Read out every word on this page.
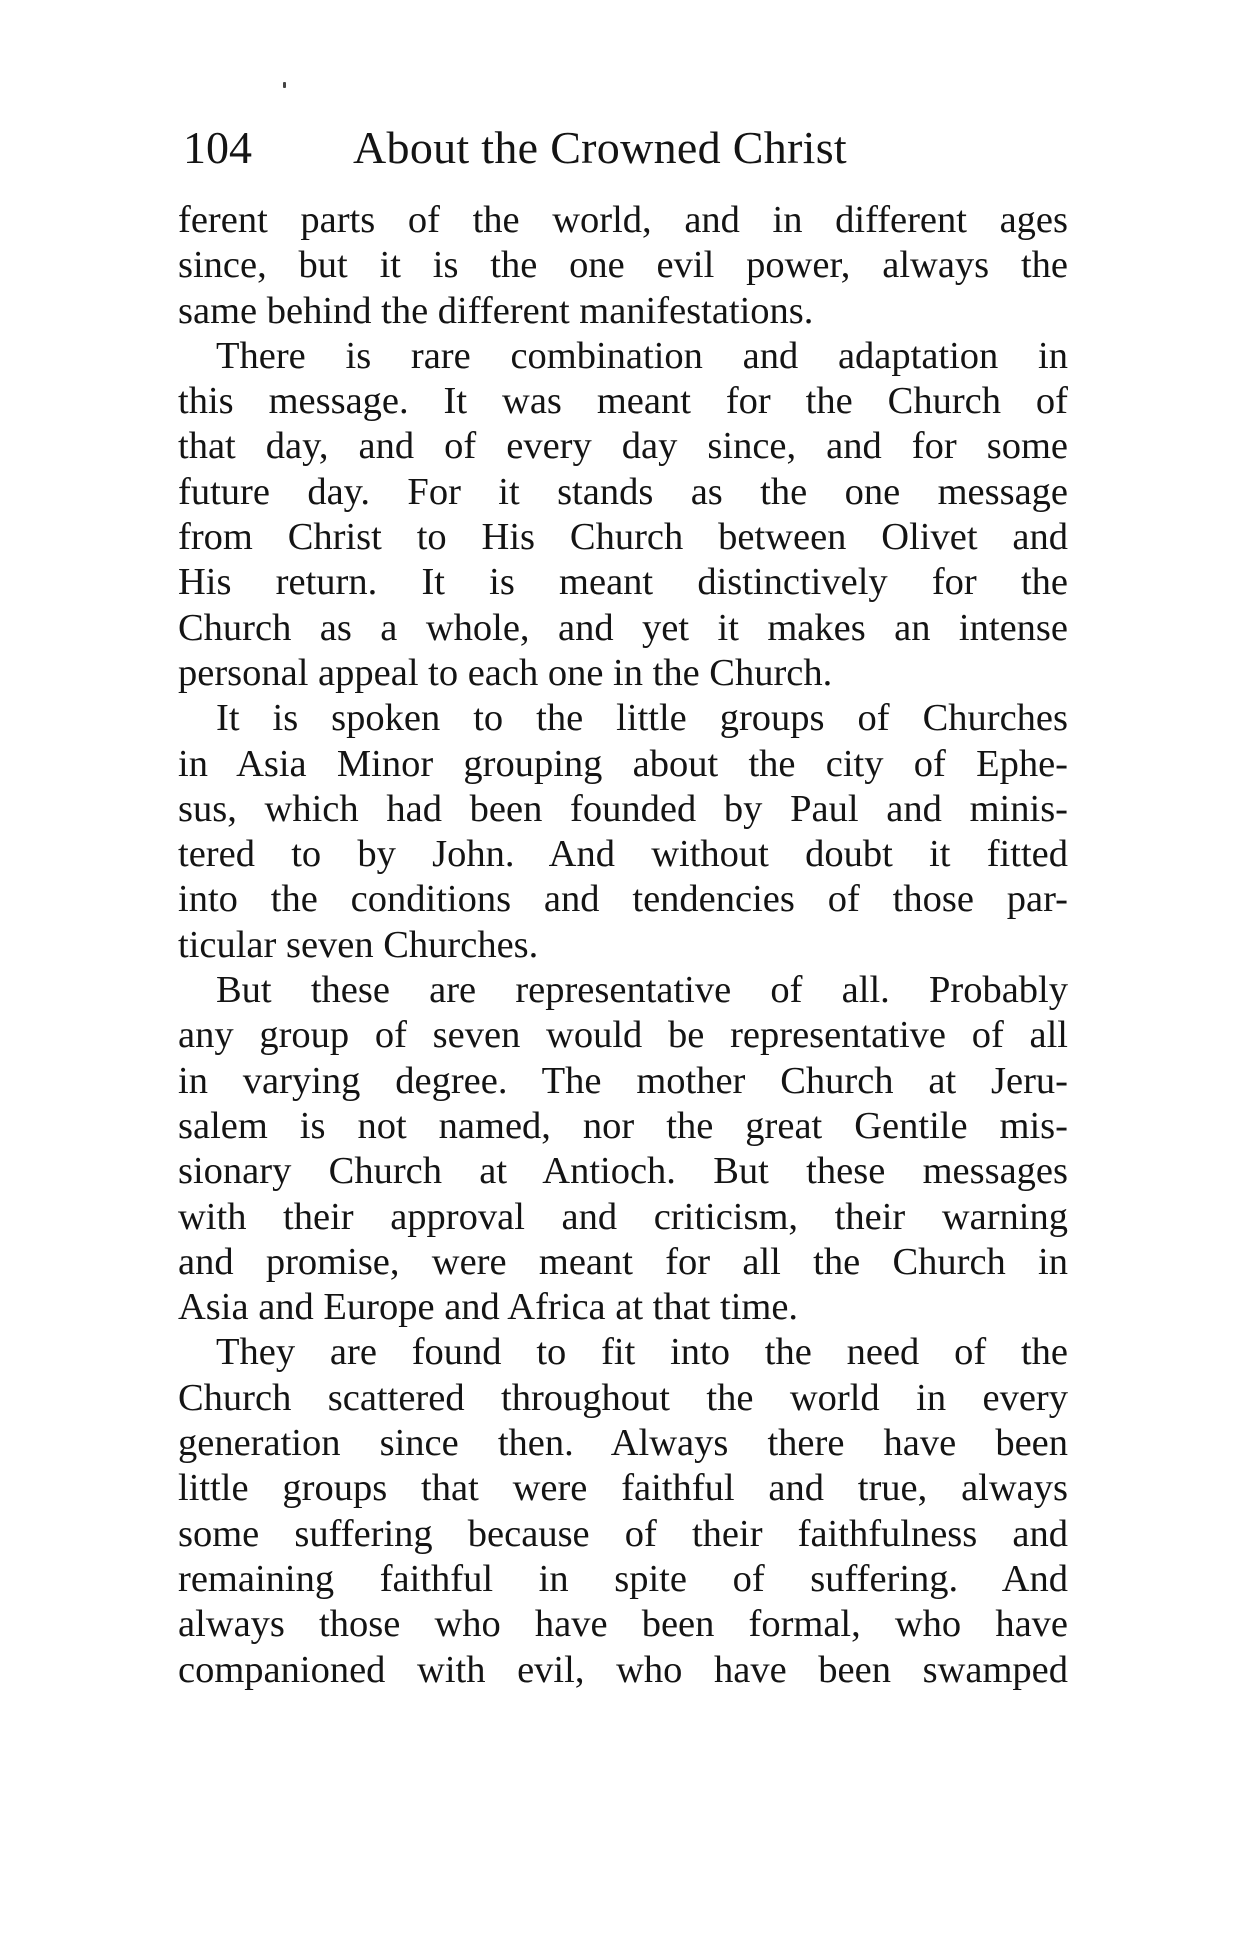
104 About the Crowned Christ
ferent parts of the world, and in different ages
since, but it is the one evil power, always the
same behind the different manifestations.
There is rare combination and adaptation in
this message. It was meant for the Church of
that day, and of every day since, and for some
future day. For it stands as the one message
from Christ to His Church between Olivet and
His return. It is meant distinctively for the
Church as a whole, and yet it makes an intense
personal appeal to each one in the Church.
It is spoken to the little groups of Churches
in Asia Minor grouping about the city of Ephe-
sus, which had been founded by Paul and minis-
tered to by John. And without doubt it fitted
into the conditions and tendencies of those par-
ticular seven Churches.
But these are representative of all. Probably
any group of seven would be representative of all
in varying degree. The mother Church at Jeru-
salem is not named, nor the great Gentile mis-
sionary Church at Antioch. But these messages
with their approval and criticism, their warning
and promise, were meant for all the Church in
Asia and Europe and Africa at that time.
They are found to fit into the need of the
Church scattered throughout the world in every
generation since then. Always there have been
little groups that were faithful and true, always
some suffering because of their faithfulness and
remaining faithful in spite of suffering. And
always those who have been formal, who have
companioned with evil, who have been swamped
